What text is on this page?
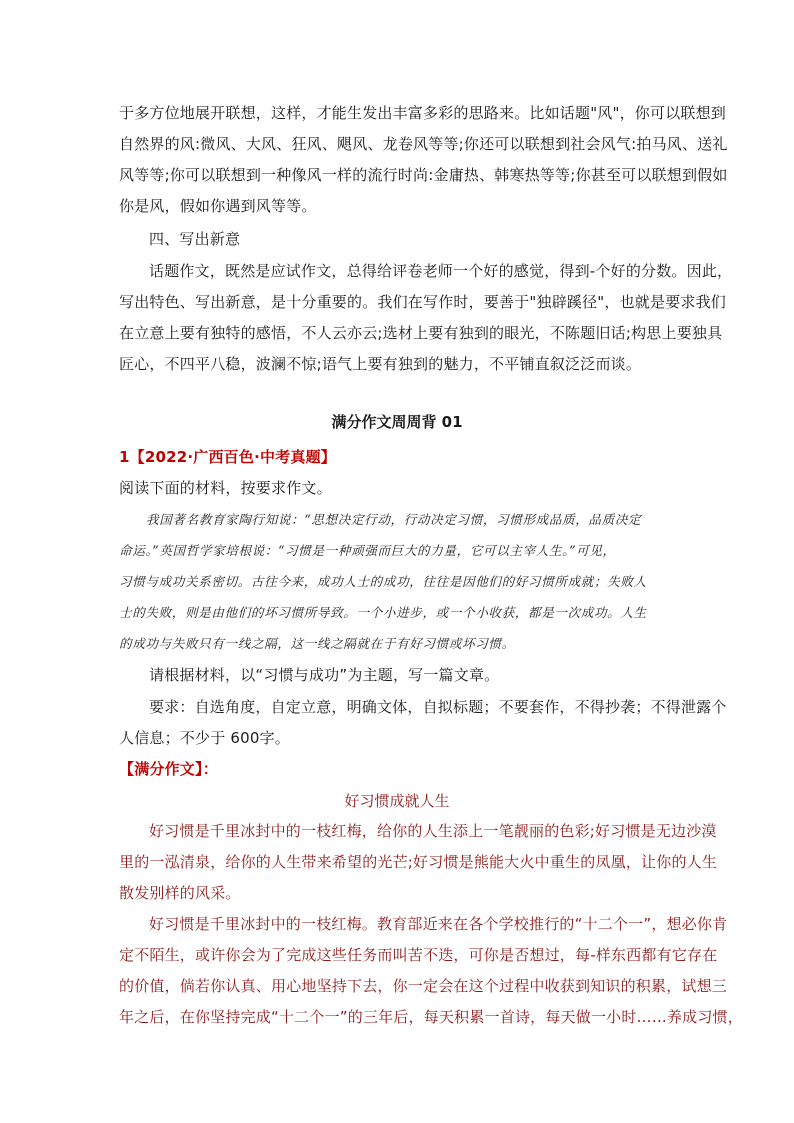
于多方位地展开联想，这样，才能生发出丰富多彩的思路来。比如话题"风"，你可以联想到
自然界的风:微风、大风、狂风、飓风、龙卷风等等;你还可以联想到社会风气:拍马风、送礼
风等等;你可以联想到一种像风一样的流行时尚:金庸热、韩寒热等等;你甚至可以联想到假如
你是风，假如你遇到风等等。
四、写出新意
话题作文，既然是应试作文，总得给评卷老师一个好的感觉，得到-个好的分数。因此，
写出特色、写出新意，是十分重要的。我们在写作时，要善于"独辟蹊径"，也就是要求我们
在立意上要有独特的感悟，不人云亦云;选材上要有独到的眼光，不陈题旧话;构思上要独具
匠心，不四平八稳，波澜不惊;语气上要有独到的魅力，不平铺直叙泛泛而谈。
满分作文周周背 01
1【2022·广西百色·中考真题】
阅读下面的材料，按要求作文。
我国著名教育家陶行知说：“思想决定行动，行动决定习惯，习惯形成品质，品质决定
命运。”英国哲学家培根说：“习惯是一种顽强而巨大的力量，它可以主宰人生。”可见，
习惯与成功关系密切。古往今来，成功人士的成功，往往是因他们的好习惯所成就；失败人
士的失败，则是由他们的坏习惯所导致。一个小进步，或一个小收获，都是一次成功。人生
的成功与失败只有一线之隔，这一线之隔就在于有好习惯或坏习惯。
请根据材料，以“习惯与成功”为主题，写一篇文章。
要求：自选角度，自定立意，明确文体，自拟标题；不要套作，不得抄袭；不得泄露个
人信息；不少于 600字。
【满分作文】：
好习惯成就人生
好习惯是千里冰封中的一枝红梅，给你的人生添上一笔靓丽的色彩;好习惯是无边沙漠
里的一泓清泉，给你的人生带来希望的光芒;好习惯是熊能大火中重生的凤凰，让你的人生
散发别样的风采。
好习惯是千里冰封中的一枝红梅。教育部近来在各个学校推行的“十二个一”，想必你肯
定不陌生，或许你会为了完成这些任务而叫苦不迭，可你是否想过，每-样东西都有它存在
的价值，倘若你认真、用心地坚持下去，你一定会在这个过程中收获到知识的积累，试想三
年之后，在你坚持完成“十二个一”的三年后，每天积累一首诗，每天做一小时……养成习惯，
